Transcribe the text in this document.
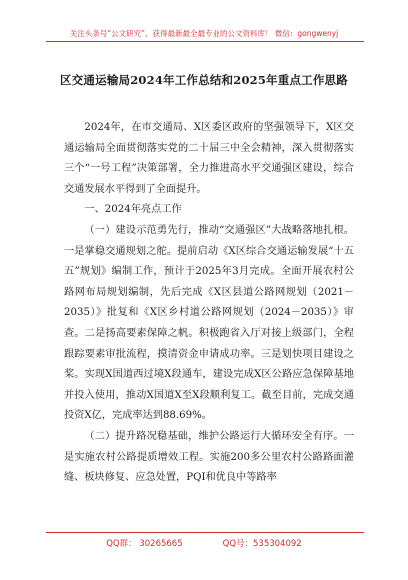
关注头条号“公文研究”，获得最新最全最专业的公文资料库！ 微信：gongwenyj
区交通运输局2024年工作总结和2025年重点工作思路

2024年，在市交通局、X区委区政府的坚强领导下，X区交通运输局全面贯彻落实党的二十届三中全会精神，深入贯彻落实三个“一号工程”决策部署，全力推进高水平交通强区建设，综合交通发展水平得到了全面提升。

一、2024年亮点工作

（一）建设示范勇先行，推动“交通强区”大战略落地扎根。一是掌稳交通规划之舵。提前启动《X区综合交通运输发展“十五五”规划》编制工作，预计于2025年3月完成。全面开展农村公路网布局规划编制，先后完成《X区县道公路网规划（2021－2035）》批复和《X区乡村道公路网规划（2024－2035）》审查。二是扬高要素保障之帆。积极跑省入厅对接上级部门，全程跟踪要素审批流程，摸清资金申请成功率。三是划快项目建设之桨。实现X国道西过境X段通车，建设完成X区公路应急保障基地并投入使用，推动X国道X至X段顺利复工。截至目前，完成交通投资X亿，完成率达到88.69%。

（二）提升路况稳基础，维护公路运行大循环安全有序。一是实施农村公路提质增效工程。实施200多公里农村公路路面灌缝、板块修复、应急处置，PQI和优良中等路率

QQ群： 30265665	QQ号：535304092
